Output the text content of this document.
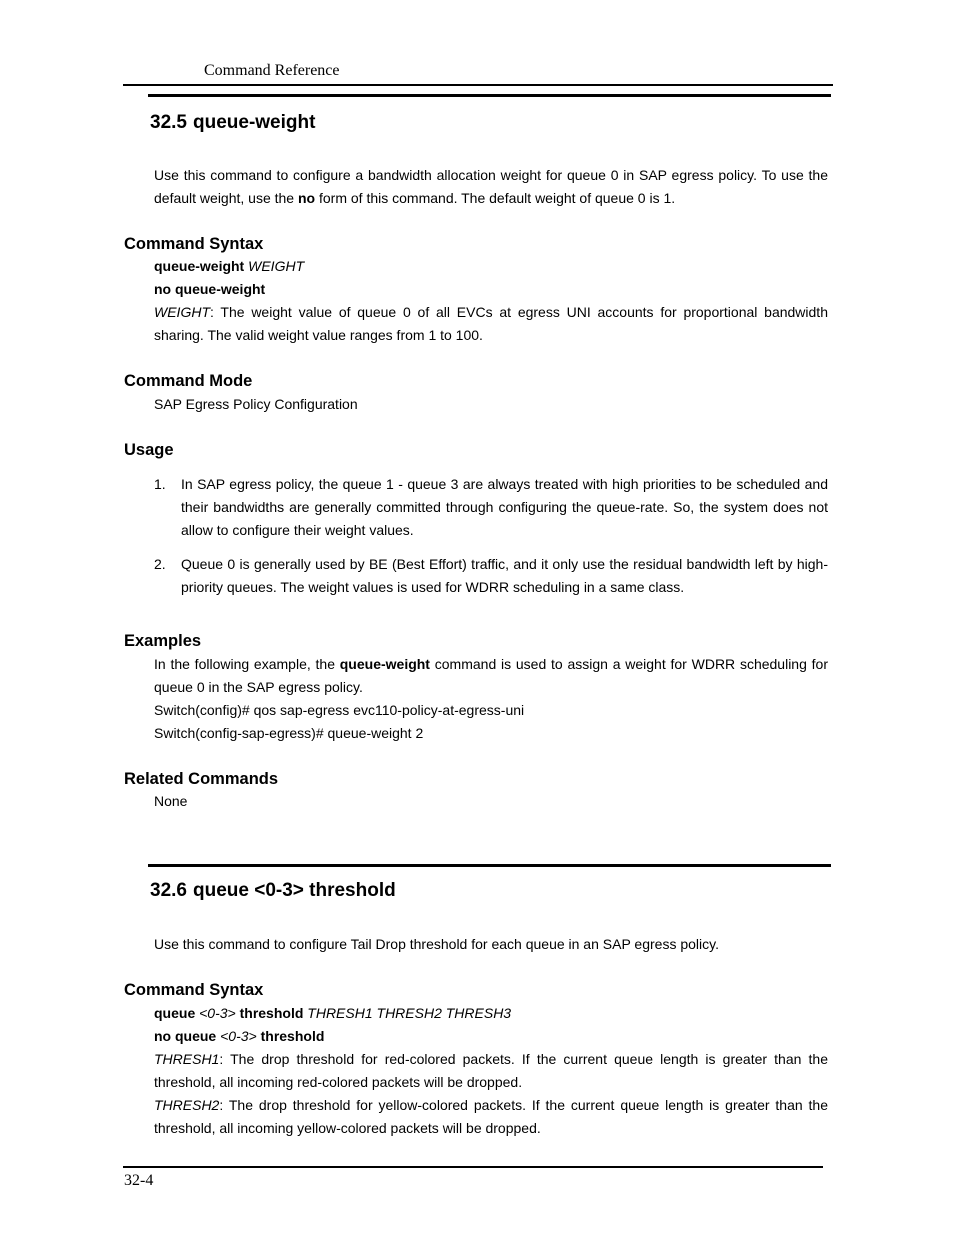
Command Reference
32.5 queue-weight
Use this command to configure a bandwidth allocation weight for queue 0 in SAP egress policy. To use the default weight, use the no form of this command. The default weight of queue 0 is 1.
Command Syntax
queue-weight WEIGHT
no queue-weight
WEIGHT: The weight value of queue 0 of all EVCs at egress UNI accounts for proportional bandwidth sharing. The valid weight value ranges from 1 to 100.
Command Mode
SAP Egress Policy Configuration
Usage
1. In SAP egress policy, the queue 1 - queue 3 are always treated with high priorities to be scheduled and their bandwidths are generally committed through configuring the queue-rate. So, the system does not allow to configure their weight values.
2. Queue 0 is generally used by BE (Best Effort) traffic, and it only use the residual bandwidth left by high-priority queues. The weight values is used for WDRR scheduling in a same class.
Examples
In the following example, the queue-weight command is used to assign a weight for WDRR scheduling for queue 0 in the SAP egress policy.
Switch(config)# qos sap-egress evc110-policy-at-egress-uni
Switch(config-sap-egress)# queue-weight 2
Related Commands
None
32.6 queue <0-3> threshold
Use this command to configure Tail Drop threshold for each queue in an SAP egress policy.
Command Syntax
queue <0-3> threshold THRESH1 THRESH2 THRESH3
no queue <0-3> threshold
THRESH1: The drop threshold for red-colored packets. If the current queue length is greater than the threshold, all incoming red-colored packets will be dropped.
THRESH2: The drop threshold for yellow-colored packets. If the current queue length is greater than the threshold, all incoming yellow-colored packets will be dropped.
32-4
